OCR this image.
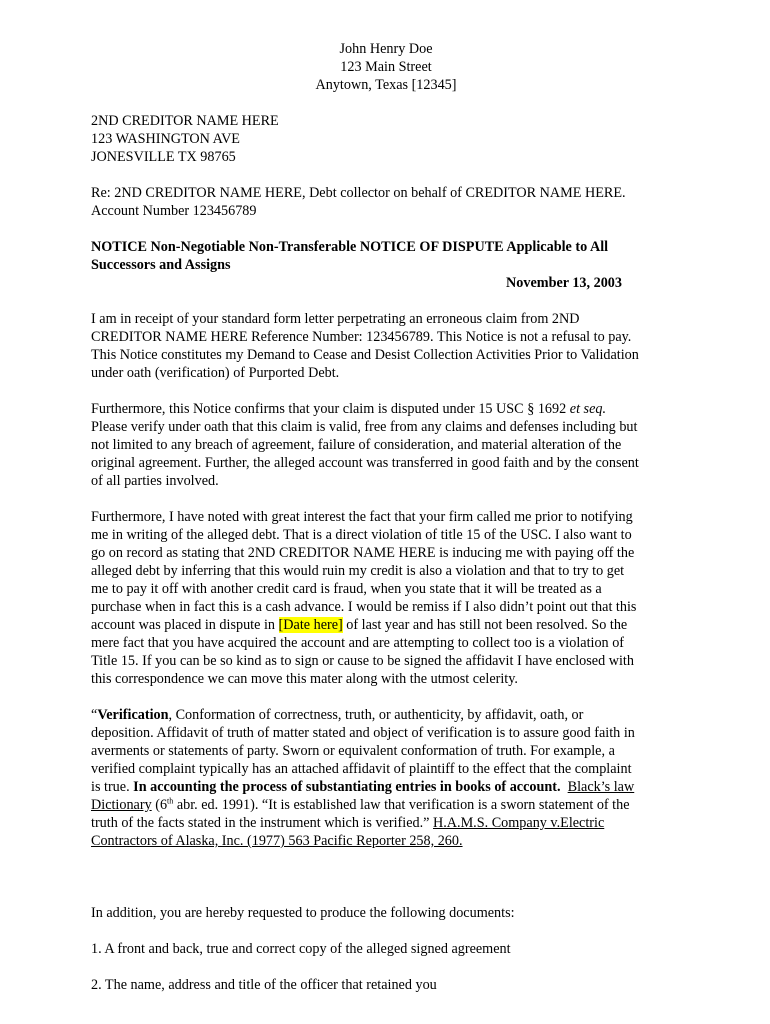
John Henry Doe

123 Main Street

Anytown, Texas [12345]

2ND CREDITOR NAME HERE

123 WASHINGTON AVE

JONESVILLE TX 98765

Re: 2ND CREDITOR NAME HERE, Debt collector on behalf of CREDITOR NAME HERE.

Account Number 123456789

NOTICE Non-Negotiable Non-Transferable NOTICE OF DISPUTE Applicable to All

Successors and Assigns

November 13, 2003

I am in receipt of your standard form letter perpetrating an erroneous claim from 2ND

CREDITOR NAME HERE Reference Number: 123456789. This Notice is not a refusal to pay.

This Notice constitutes my Demand to Cease and Desist Collection Activities Prior to Validation

under oath (verification) of Purported Debt.

Furthermore, this Notice confirms that your claim is disputed under 15 USC § 1692 et seq.

Please verify under oath that this claim is valid, free from any claims and defenses including but

not limited to any breach of agreement, failure of consideration, and material alteration of the

original agreement. Further, the alleged account was transferred in good faith and by the consent

of all parties involved.

Furthermore, I have noted with great interest the fact that your firm called me prior to notifying

me in writing of the alleged debt. That is a direct violation of title 15 of the USC. I also want to

go on record as stating that 2ND CREDITOR NAME HERE is inducing me with paying off the

alleged debt by inferring that this would ruin my credit is also a violation and that to try to get

me to pay it off with another credit card is fraud, when you state that it will be treated as a

purchase when in fact this is a cash advance. I would be remiss if I also didn’t point out that this

account was placed in dispute in [Date here] of last year and has still not been resolved. So the

mere fact that you have acquired the account and are attempting to collect too is a violation of

Title 15. If you can be so kind as to sign or cause to be signed the affidavit I have enclosed with

this correspondence we can move this mater along with the utmost celerity.

“Verification, Conformation of correctness, truth, or authenticity, by affidavit, oath, or

deposition. Affidavit of truth of matter stated and object of verification is to assure good faith in

averments or statements of party. Sworn or equivalent conformation of truth. For example, a

verified complaint typically has an attached affidavit of plaintiff to the effect that the complaint

is true. In accounting the process of substantiating entries in books of account. Black’s law

Dictionary (6th abr. ed. 1991). “It is established law that verification is a sworn statement of the

truth of the facts stated in the instrument which is verified.” H.A.M.S. Company v.Electric

Contractors of Alaska, Inc. (1977) 563 Pacific Reporter 258, 260.

In addition, you are hereby requested to produce the following documents:

1. A front and back, true and correct copy of the alleged signed agreement

2. The name, address and title of the officer that retained you
